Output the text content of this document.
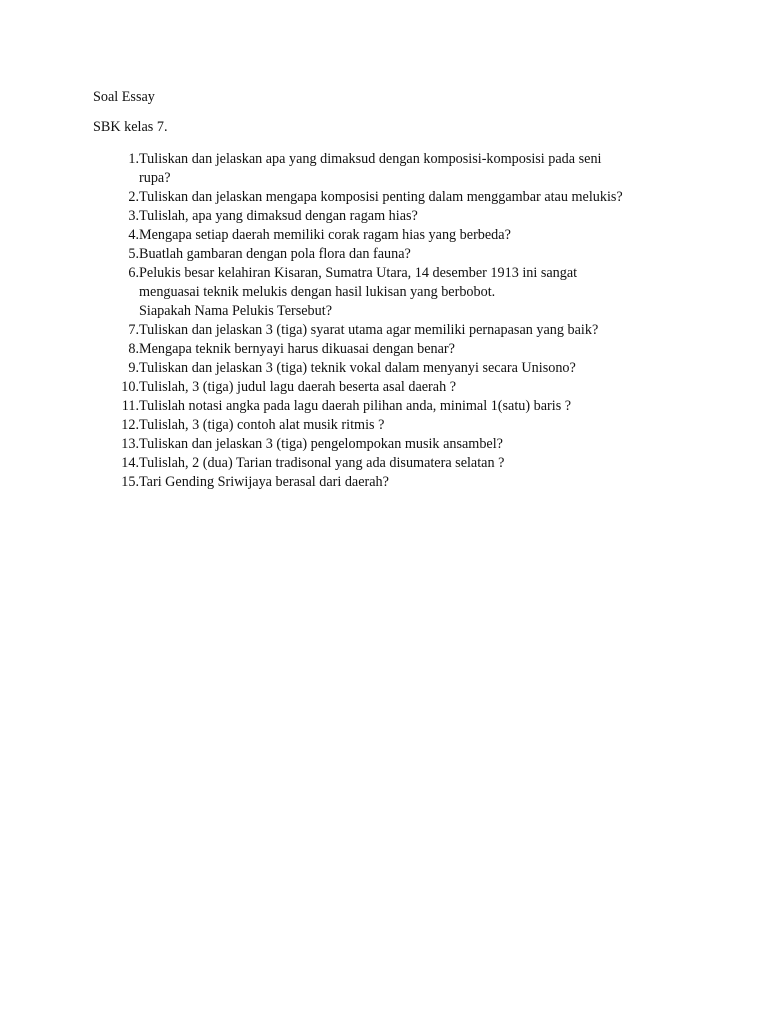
Soal Essay
SBK kelas 7.
1. Tuliskan dan jelaskan apa yang dimaksud dengan komposisi-komposisi pada seni
rupa?
2. Tuliskan dan jelaskan mengapa komposisi penting dalam menggambar atau melukis?
3. Tulislah, apa yang dimaksud dengan ragam hias?
4. Mengapa setiap daerah memiliki corak ragam hias yang berbeda?
5. Buatlah gambaran dengan pola flora dan fauna?
6. Pelukis besar kelahiran Kisaran, Sumatra Utara, 14 desember 1913 ini sangat
menguasai teknik melukis dengan hasil lukisan yang berbobot.
Siapakah Nama Pelukis Tersebut?
7. Tuliskan dan jelaskan 3 (tiga) syarat utama agar memiliki pernapasan yang baik?
8. Mengapa teknik bernyayi harus dikuasai dengan benar?
9. Tuliskan dan jelaskan 3 (tiga) teknik vokal dalam menyanyi secara Unisono?
10. Tulislah, 3 (tiga) judul lagu daerah beserta asal daerah ?
11. Tulislah notasi angka pada lagu daerah pilihan anda, minimal 1(satu) baris ?
12. Tulislah, 3 (tiga) contoh alat musik ritmis ?
13. Tuliskan dan jelaskan 3 (tiga) pengelompokan musik ansambel?
14. Tulislah, 2 (dua) Tarian tradisonal yang ada disumatera selatan ?
15. Tari Gending Sriwijaya berasal dari daerah?
